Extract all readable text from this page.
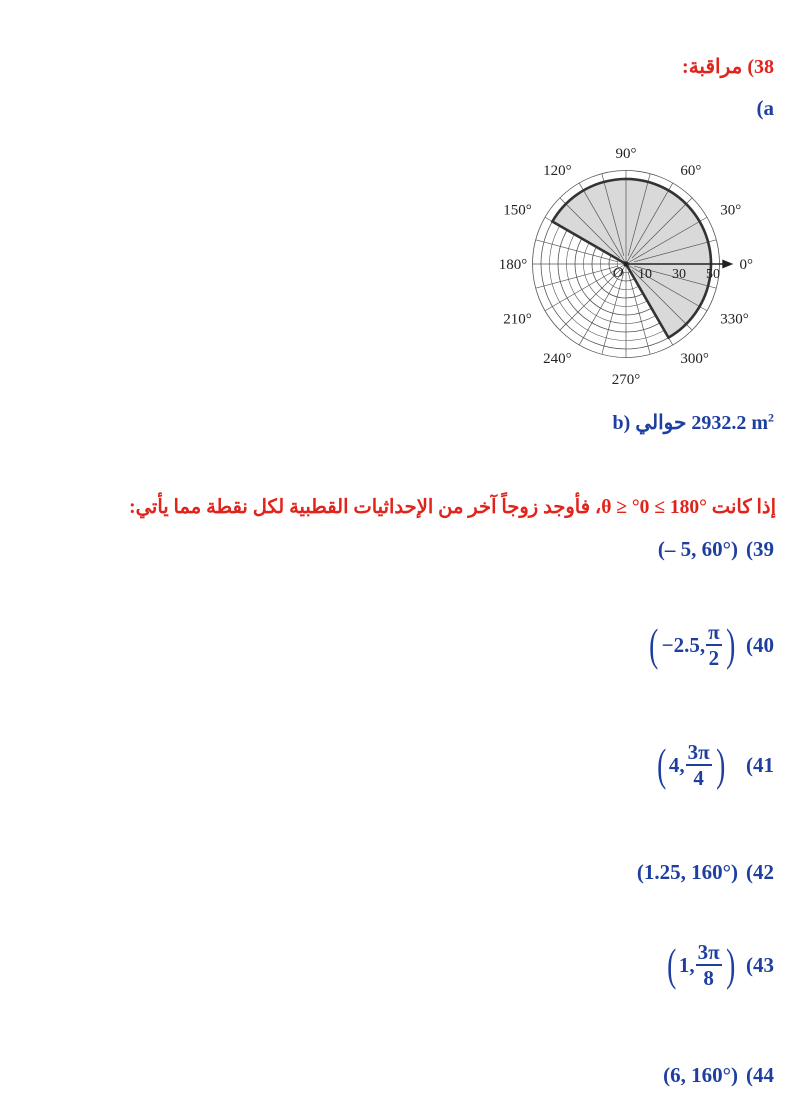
38) مراقبة:
(a
0°
30°
60°
90°
120°
150°
180°
210°
240°
270°
300°
330°
10 30 50
O
b) حوالي 2932.2 $m^2$
إذا كانت °180 ≥ θ ≥ °0، فأوجد زوجاً آخر من الإحداثيات القطبية لكل نقطة مما يأتي:
(– 5, 60°) (39
( −2.5, $\frac{\pi}{2}$ ) (40
( 4, $\frac{3\pi}{4}$ ) (41
(1.25, 160°) (42
( 1, $\frac{3\pi}{8}$ ) (43
(6, 160°) (44
